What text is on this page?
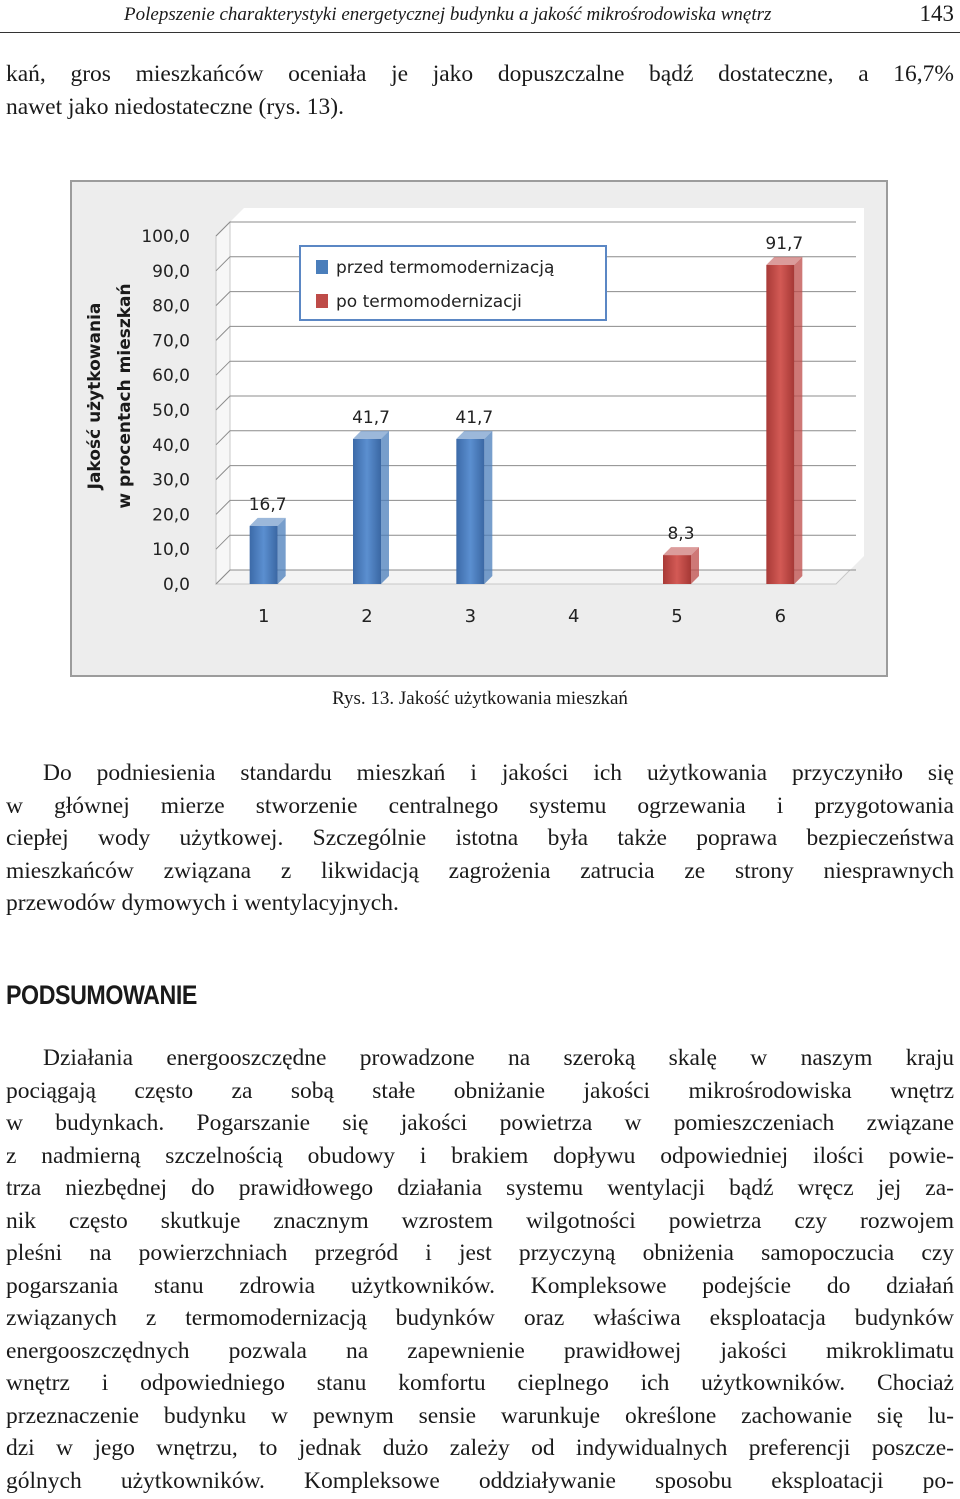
Polepszenie charakterystyki energetycznej budynku a jakość mikrośrodowiska wnętrz	143

kań, gros mieszkańców oceniała je jako dopuszczalne bądź dostateczne, a 16,7%
nawet jako niedostateczne (rys. 13).

0,0
10,0
20,0
30,0
40,0
50,0
60,0
70,0
80,0
90,0
100,0
1	2	3	4	5	6
16,7
41,7	41,7
8,3
91,7
Jakość użytkowania w procentach mieszkań
przed termomodernizacją
po termomodernizacji
Rys. 13. Jakość użytkowania mieszkań

Do podniesienia standardu mieszkań i jakości ich użytkowania przyczyniło się

w głównej mierze stworzenie centralnego systemu ogrzewania i przygotowania
ciepłej wody użytkowej. Szczególnie istotna była także poprawa bezpieczeństwa
mieszkańców związana z likwidacją zagrożenia zatrucia ze strony niesprawnych
przewodów dymowych i wentylacyjnych.

PODSUMOWANIE

Działania energooszczędne prowadzone na szeroką skalę w naszym kraju

pociągają często za sobą stałe obniżanie jakości mikrośrodowiska wnętrz
w budynkach. Pogarszanie się jakości powietrza w pomieszczeniach związane
z nadmierną szczelnością obudowy i brakiem dopływu odpowiedniej ilości powie-
trza niezbędnej do prawidłowego działania systemu wentylacji bądź wręcz jej za-
nik często skutkuje znacznym wzrostem wilgotności powietrza czy rozwojem
pleśni na powierzchniach przegród i jest przyczyną obniżenia samopoczucia czy
pogarszania stanu zdrowia użytkowników. Kompleksowe podejście do działań
związanych z termomodernizacją budynków oraz właściwa eksploatacja budynków
energooszczędnych pozwala na zapewnienie prawidłowej jakości mikroklimatu
wnętrz i odpowiedniego stanu komfortu cieplnego ich użytkowników. Chociaż
przeznaczenie budynku w pewnym sensie warunkuje określone zachowanie się lu-
dzi w jego wnętrzu, to jednak dużo zależy od indywidualnych preferencji poszcze-
gólnych użytkowników. Kompleksowe oddziaływanie sposobu eksploatacji po-
